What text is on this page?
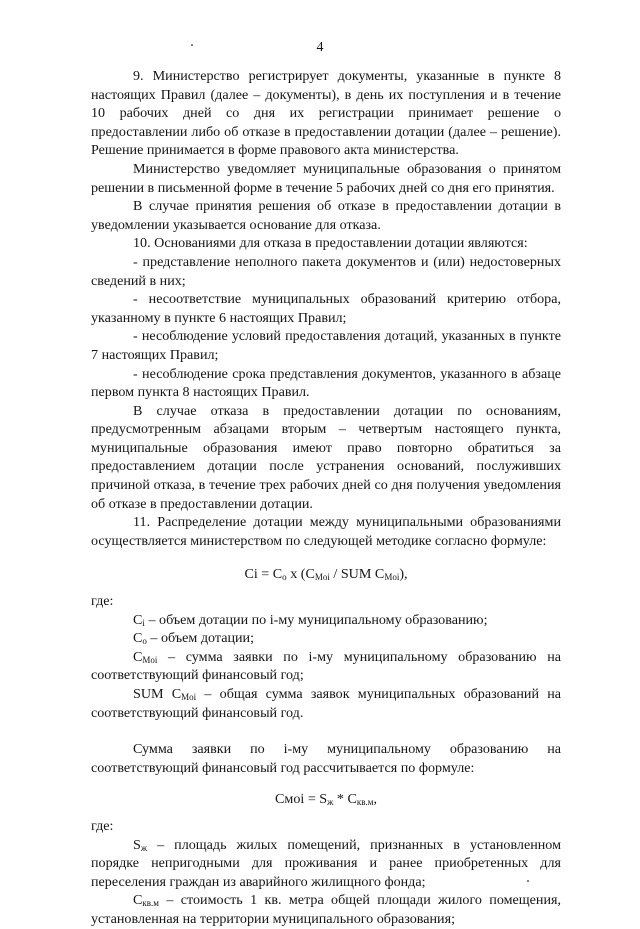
4

9. Министерство регистрирует документы, указанные в пункте 8 настоящих Правил (далее – документы), в день их поступления и в течение 10 рабочих дней со дня их регистрации принимает решение о предоставлении либо об отказе в предоставлении дотации (далее – решение). Решение принимается в форме правового акта министерства.

Министерство уведомляет муниципальные образования о принятом решении в письменной форме в течение 5 рабочих дней со дня его принятия.

В случае принятия решения об отказе в предоставлении дотации в уведомлении указывается основание для отказа.

10. Основаниями для отказа в предоставлении дотации являются:

- представление неполного пакета документов и (или) недостоверных сведений в них;

- несоответствие муниципальных образований критерию отбора, указанному в пункте 6 настоящих Правил;

- несоблюдение условий предоставления дотаций, указанных в пункте 7 настоящих Правил;

- несоблюдение срока представления документов, указанного в абзаце первом пункта 8 настоящих Правил.

В случае отказа в предоставлении дотации по основаниям, предусмотренным абзацами вторым – четвертым настоящего пункта, муниципальные образования имеют право повторно обратиться за предоставлением дотации после устранения оснований, послуживших причиной отказа, в течение трех рабочих дней со дня получения уведомления об отказе в предоставлении дотации.

11. Распределение дотации между муниципальными образованиями осуществляется министерством по следующей методике согласно формуле:

$Ci = C_o$ x ($C_{Moi}$ / SUM $C_{Moi}$),

где:

$C_i$ – объем дотации по i-му муниципальному образованию;

$C_o$ – объем дотации;

$C_{Moi}$ – сумма заявки по i-му муниципальному образованию на соответствующий финансовый год;

SUM $C_{Moi}$ – общая сумма заявок муниципальных образований на соответствующий финансовый год.

Сумма заявки по i-му муниципальному образованию на соответствующий финансовый год рассчитывается по формуле:

Cмоi = $S_ж * C_{кв.м}$,

где:

$S_ж$ – площадь жилых помещений, признанных в установленном порядке непригодными для проживания и ранее приобретенных для переселения граждан из аварийного жилищного фонда;

$C_{кв.м}$ – стоимость 1 кв. метра общей площади жилого помещения, установленная на территории муниципального образования;
